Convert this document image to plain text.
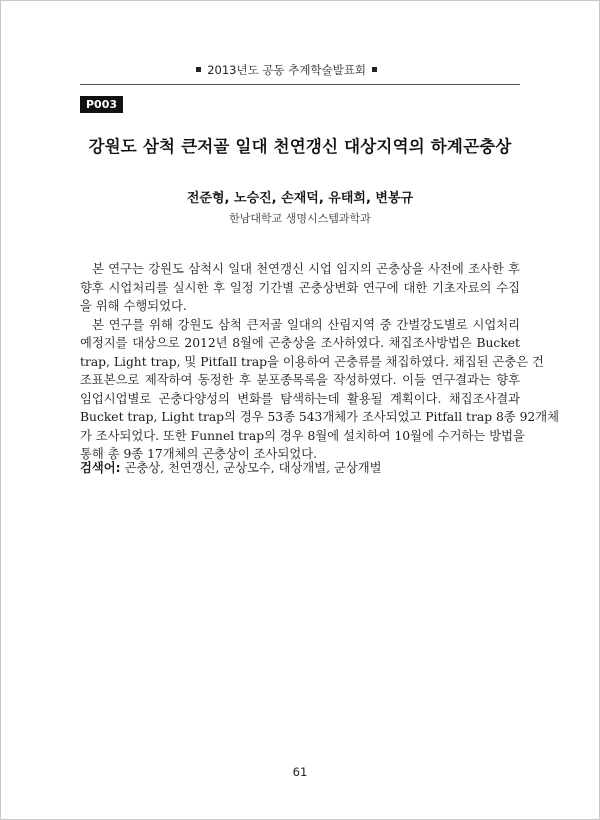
2013년도 공동 추계학술발표회
P003
강원도 삼척 큰저골 일대 천연갱신 대상지역의 하계곤충상
전준형, 노승진, 손재덕, 유태희, 변봉규
한남대학교 생명시스템과학과
본 연구는 강원도 삼척시 일대 천연갱신 시업 임지의 곤충상을 사전에 조사한 후
향후 시업처리를 실시한 후 일정 기간별 곤충상변화 연구에 대한 기초자료의 수집
을 위해 수행되었다.
본 연구를 위해 강원도 삼척 큰저골 일대의 산림지역 중 간벌강도별로 시업처리
예정지를 대상으로 2012년 8월에 곤충상을 조사하였다. 채집조사방법은 Bucket
trap, Light trap, 및 Pitfall trap을 이용하여 곤충류를 채집하였다. 채집된 곤충은 건
조표본으로 제작하여 동정한 후 분포종목록을 작성하였다. 이들 연구결과는 향후
임업시업별로 곤충다양성의 변화를 탐색하는데 활용될 계획이다. 채집조사결과
Bucket trap, Light trap의 경우 53종 543개체가 조사되었고 Pitfall trap 8종 92개체
가 조사되었다. 또한 Funnel trap의 경우 8월에 설치하여 10월에 수거하는 방법을
통해 총 9종 17개체의 곤충상이 조사되었다.
검색어: 곤충상, 천연갱신, 군상모수, 대상개벌, 군상개벌
61
